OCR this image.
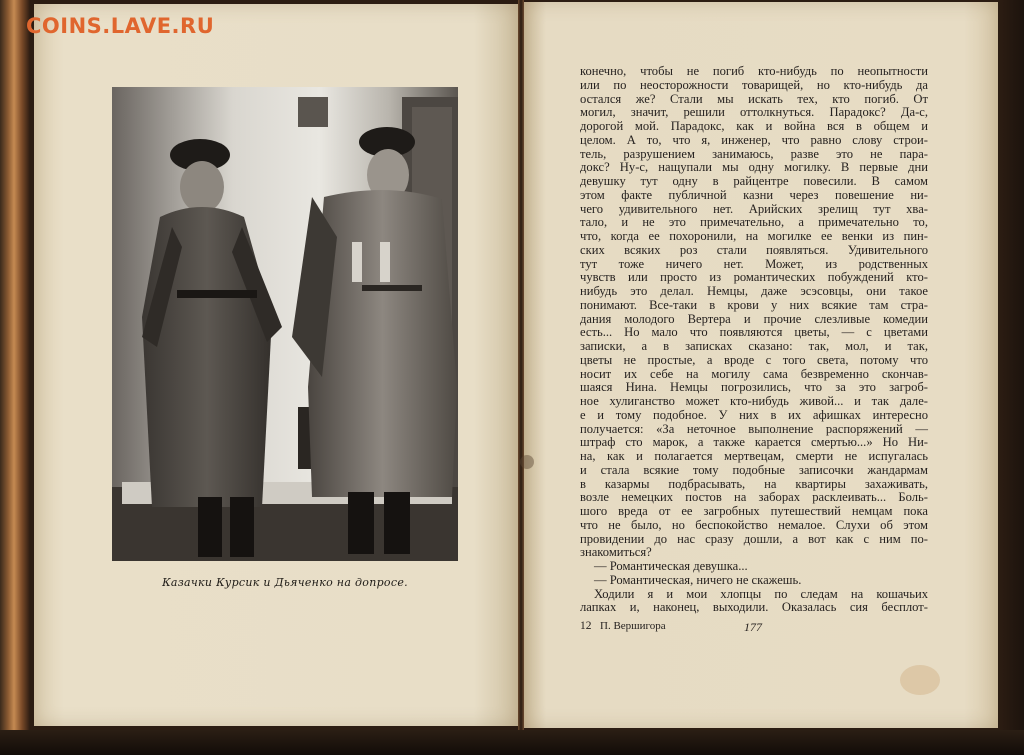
Казачки Курсик и Дьяченко на допросе.
конечно, чтобы не погиб кто-нибудь по неопытности
или по неосторожности товарищей, но кто-нибудь да
остался же? Стали мы искать тех, кто погиб. От
могил, значит, решили оттолкнуться. Парадокс? Да-с,
дорогой мой. Парадокс, как и война вся в общем и
целом. А то, что я, инженер, что равно слову строи-
тель, разрушением занимаюсь, разве это не пара-
докс? Ну-с, нащупали мы одну могилку. В первые дни
девушку тут одну в райцентре повесили. В самом
этом факте публичной казни через повешение ни-
чего удивительного нет. Арийских зрелищ тут хва-
тало, и не это примечательно, а примечательно то,
что, когда ее похоронили, на могилке ее венки из пин-
ских всяких роз стали появляться. Удивительного
тут тоже ничего нет. Может, из родственных
чувств или просто из романтических побуждений кто-
нибудь это делал. Немцы, даже эсэсовцы, они такое
понимают. Все-таки в крови у них всякие там стра-
дания молодого Вертера и прочие слезливые комедии
есть... Но мало что появляются цветы, — с цветами
записки, а в записках сказано: так, мол, и так,
цветы не простые, а вроде с того света, потому что
носит их себе на могилу сама безвременно скончав-
шаяся Нина. Немцы погрозились, что за это загроб-
ное хулиганство может кто-нибудь живой... и так дале-
е и тому подобное. У них в их афишках интересно
получается: «За неточное выполнение распоряжений —
штраф сто марок, а также карается смертью...» Но Ни-
на, как и полагается мертвецам, смерти не испугалась
и стала всякие тому подобные записочки жандармам
в казармы подбрасывать, на квартиры захаживать,
возле немецких постов на заборах расклеивать... Боль-
шого вреда от ее загробных путешествий немцам пока
что не было, но беспокойство немалое. Слухи об этом
провидении до нас сразу дошли, а вот как с ним по-
знакомиться?
— Романтическая девушка...
— Романтическая, ничего не скажешь.
Ходили я и мои хлопцы по следам на кошачьих
лапках и, наконец, выходили. Оказалась сия бесплот-
12 П. Вершигора	177
COINS.LAVE.RU
